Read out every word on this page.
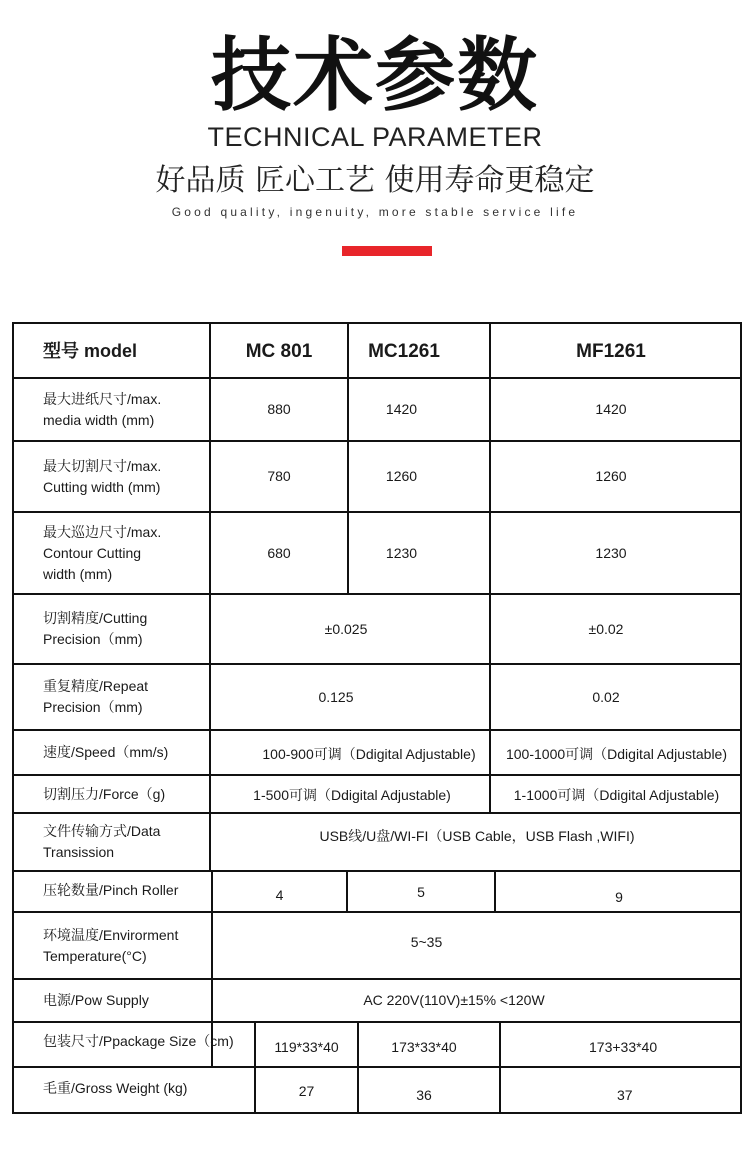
技术参数
TECHNICAL PARAMETER
好品质 匠心工艺 使用寿命更稳定
Good quality, ingenuity, more stable service life
型号 model	MC 801	MC1261	MF1261
最大进纸尺寸/max.
media width (mm)
880	1420	1420
最大切割尺寸/max.
Cutting width (mm)
780	1260	1260
最大巡边尺寸/max.
Contour Cutting
width (mm)
680	1230	1230
切割精度/Cutting
Precision（mm)
±0.025	±0.02
重复精度/Repeat
Precision（mm)
0.125	0.02
速度/Speed（mm/s)	100-900可调（Ddigital Adjustable)	100-1000可调（Ddigital Adjustable)
切割压力/Force（g)	1-500可调（Ddigital Adjustable)	1-1000可调（Ddigital Adjustable)
文件传输方式/Data
Transission
USB线/U盘/WI-FI（USB Cable，USB Flash ,WIFI)
压轮数量/Pinch Roller	4	5	9
环境温度/Envirorment
Temperature(°C)
5~35
电源/Pow Supply	AC 220V(110V)±15% <120W
包装尺寸/Ppackage Size（cm)	119*33*40	173*33*40	173+33*40
毛重/Gross Weight (kg)	27	36	37
